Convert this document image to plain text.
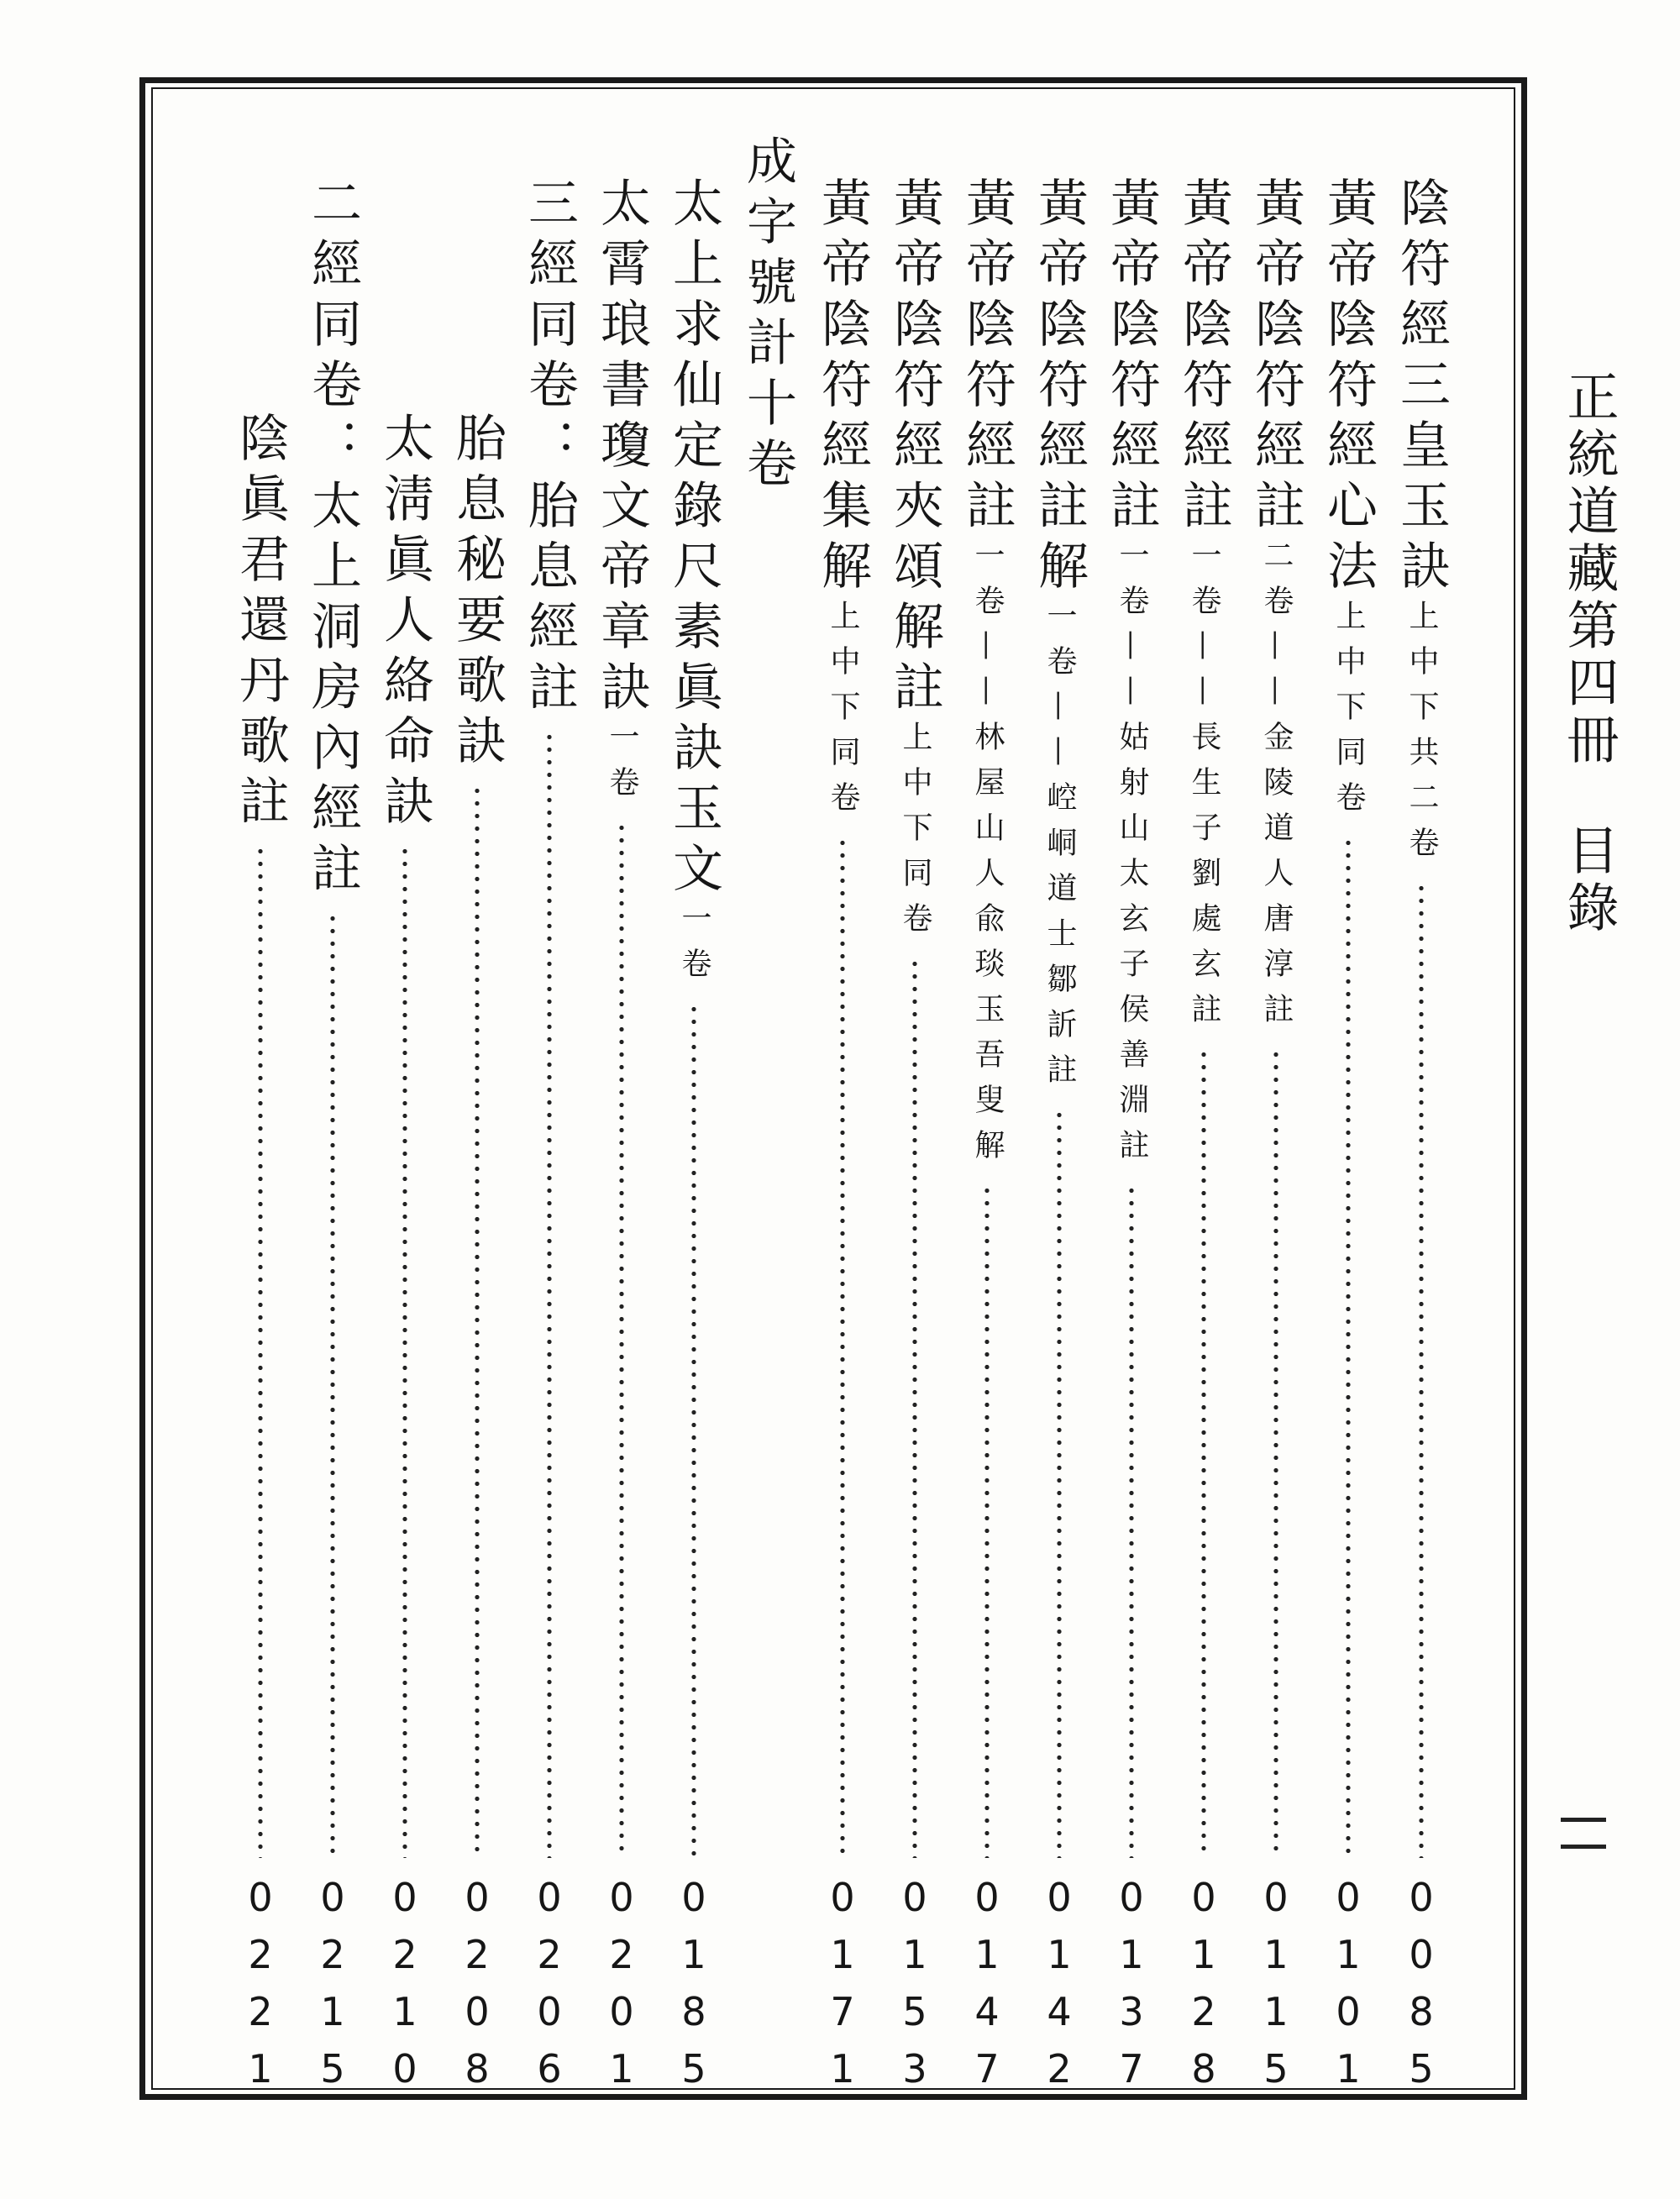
正統道藏第四冊目錄
陰符經三皇玉訣上中下共二卷
0085
黃帝陰符經心法上中下同卷
0101
黃帝陰符經註二卷——金陵道人唐淳註
0115
黃帝陰符經註一卷——長生子劉處玄註
0128
黃帝陰符經註一卷——姑射山太玄子侯善淵註
0137
黃帝陰符經註解一卷——崆峒道士鄒訢註
0142
黃帝陰符經註一卷——林屋山人兪琰玉吾叟解
0147
黃帝陰符經夾頌解註上中下同卷
0153
黃帝陰符經集解上中下同卷
0171
成字號計十卷
太上求仙定錄尺素眞訣玉文一卷
0185
太霄琅書瓊文帝章訣一卷
0201
三經同卷：胎息經註
0206
胎息秘要歌訣
0208
太淸眞人絡命訣
0210
二經同卷：太上洞房內經註
0215
陰眞君還丹歌註
0221
